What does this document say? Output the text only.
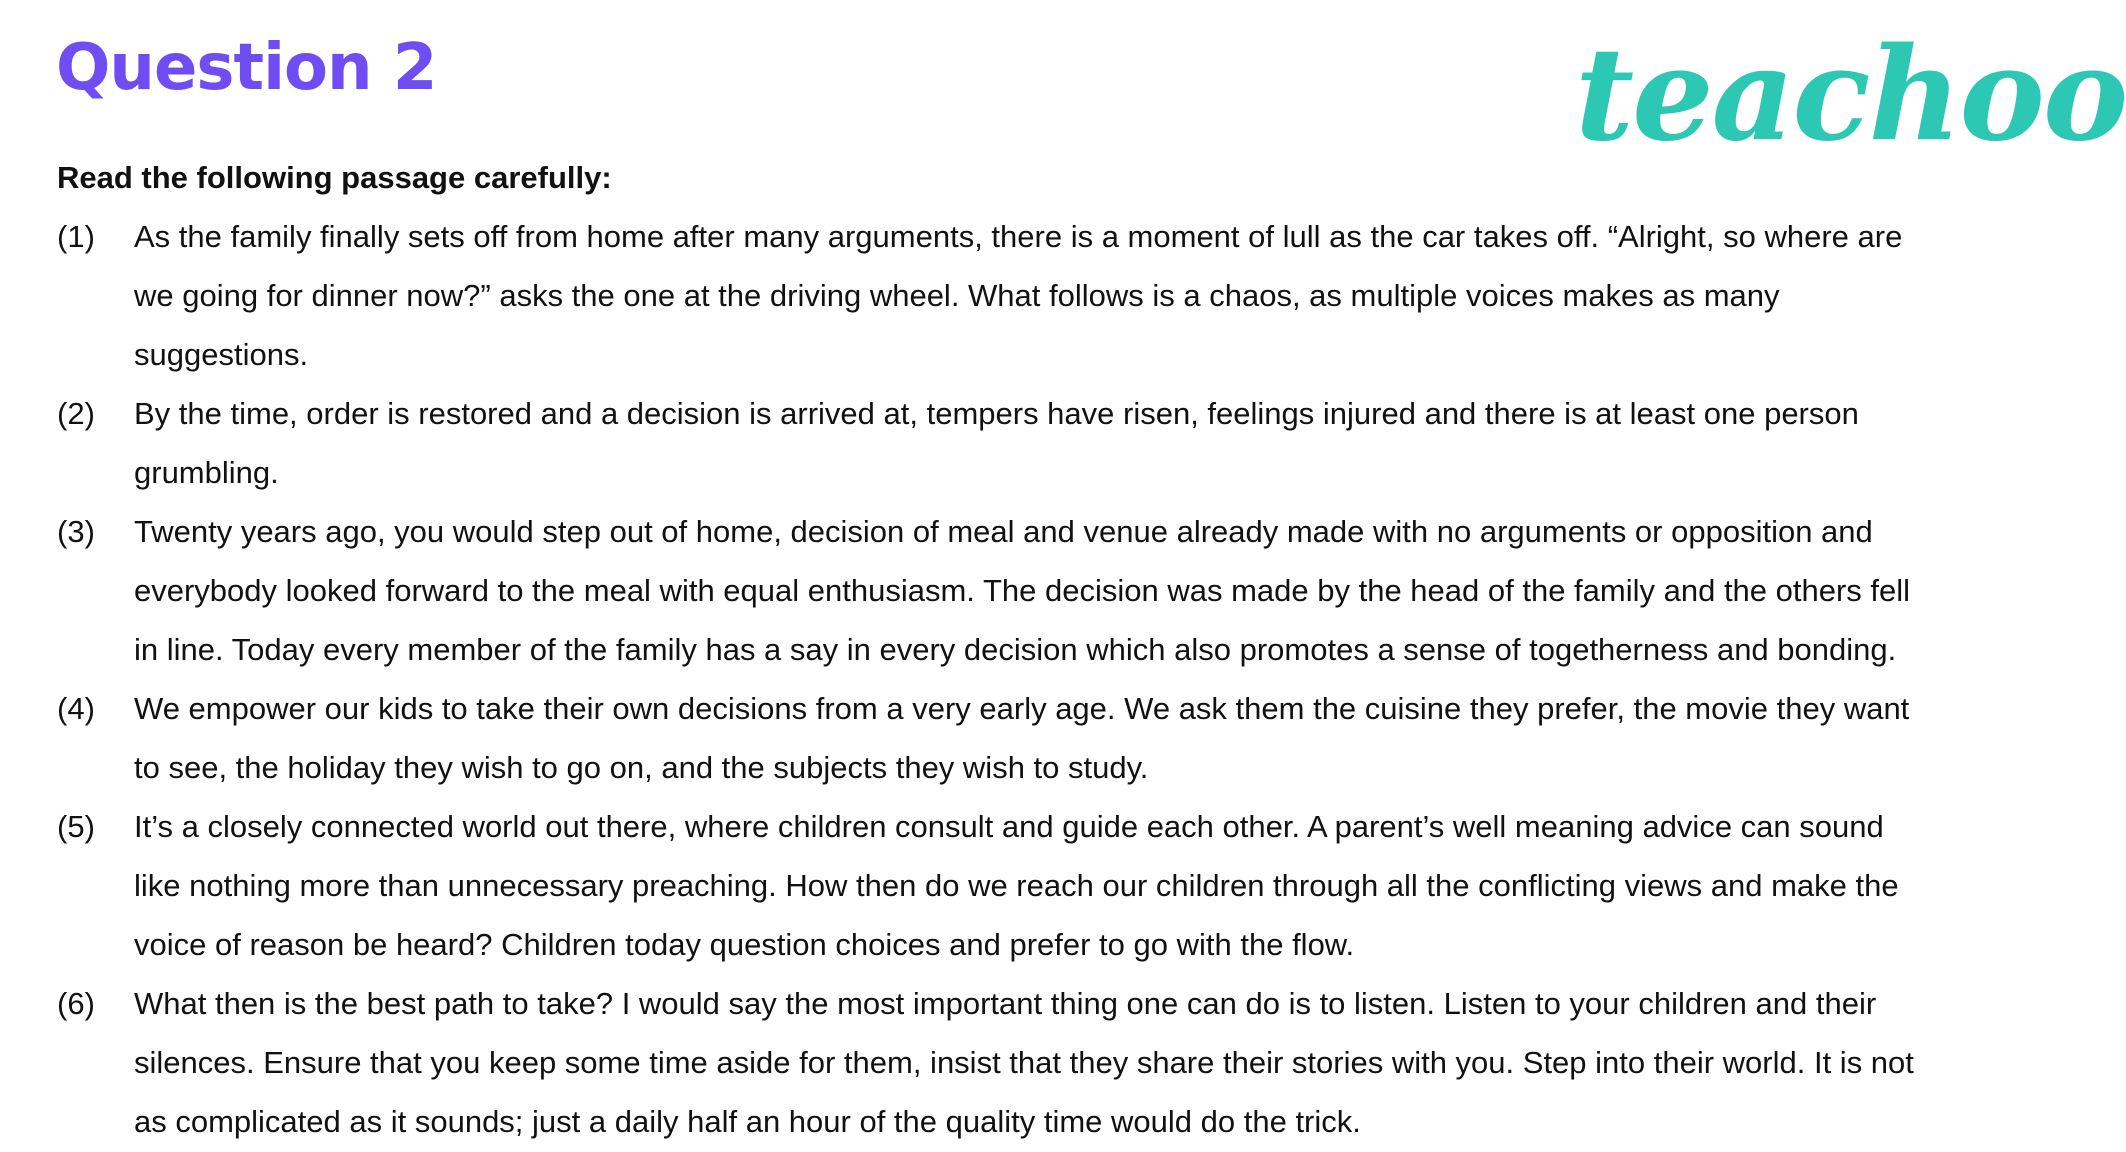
Question 2	teachoo

Read the following passage carefully:

(1)	As the family finally sets off from home after many arguments, there is a moment of lull as the car takes off. “Alright, so where are
we going for dinner now?” asks the one at the driving wheel. What follows is a chaos, as multiple voices makes as many
suggestions.
(2)	By the time, order is restored and a decision is arrived at, tempers have risen, feelings injured and there is at least one person
grumbling.
(3)	Twenty years ago, you would step out of home, decision of meal and venue already made with no arguments or opposition and
everybody looked forward to the meal with equal enthusiasm. The decision was made by the head of the family and the others fell
in line. Today every member of the family has a say in every decision which also promotes a sense of togetherness and bonding.
(4)	We empower our kids to take their own decisions from a very early age. We ask them the cuisine they prefer, the movie they want
to see, the holiday they wish to go on, and the subjects they wish to study.
(5)	It’s a closely connected world out there, where children consult and guide each other. A parent’s well meaning advice can sound
like nothing more than unnecessary preaching. How then do we reach our children through all the conflicting views and make the
voice of reason be heard? Children today question choices and prefer to go with the flow.
(6)	What then is the best path to take? I would say the most important thing one can do is to listen. Listen to your children and their
silences. Ensure that you keep some time aside for them, insist that they share their stories with you. Step into their world. It is not
as complicated as it sounds; just a daily half an hour of the quality time would do the trick.
